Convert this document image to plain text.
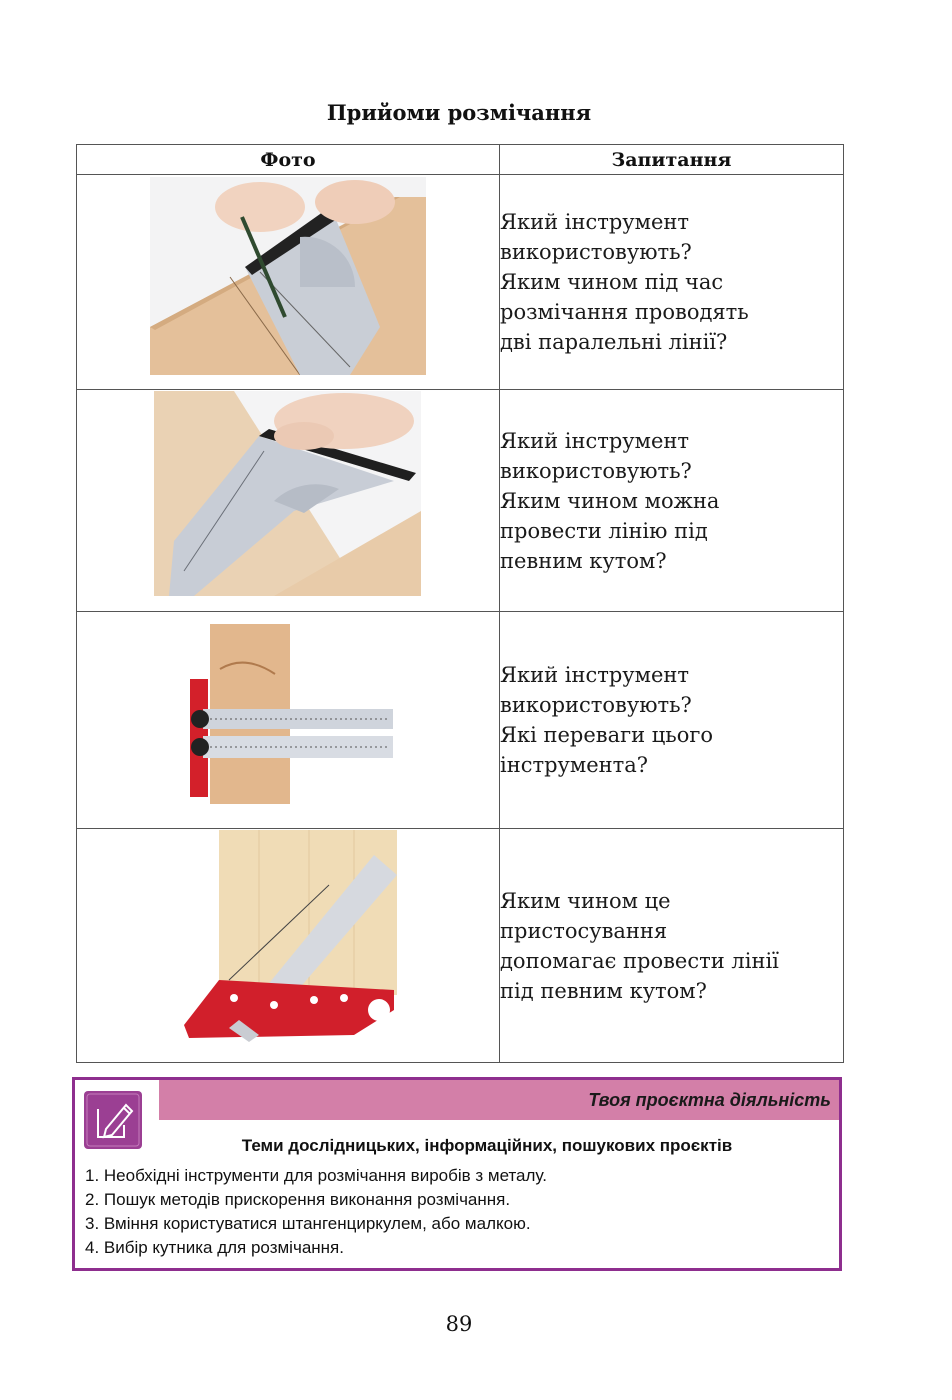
Прийоми розмічання
Фото	Запитання

Який інструмент
використовують?
Яким чином під час
розмічання проводять
дві паралельні лінії?

Який інструмент
використовують?
Яким чином можна
провести лінію під
певним кутом?

Який інструмент
використовують?
Які переваги цього
інструмента?

Яким чином це
пристосування
допомагає провести лінії
під певним кутом?
Твоя проєктна діяльність
Теми дослідницьких, інформаційних, пошукових проєктів
1. Необхідні інструменти для розмічання виробів з металу.
2. Пошук методів прискорення виконання розмічання.
3. Вміння користуватися штангенциркулем, або малкою.
4. Вибір кутника для розмічання.
89
